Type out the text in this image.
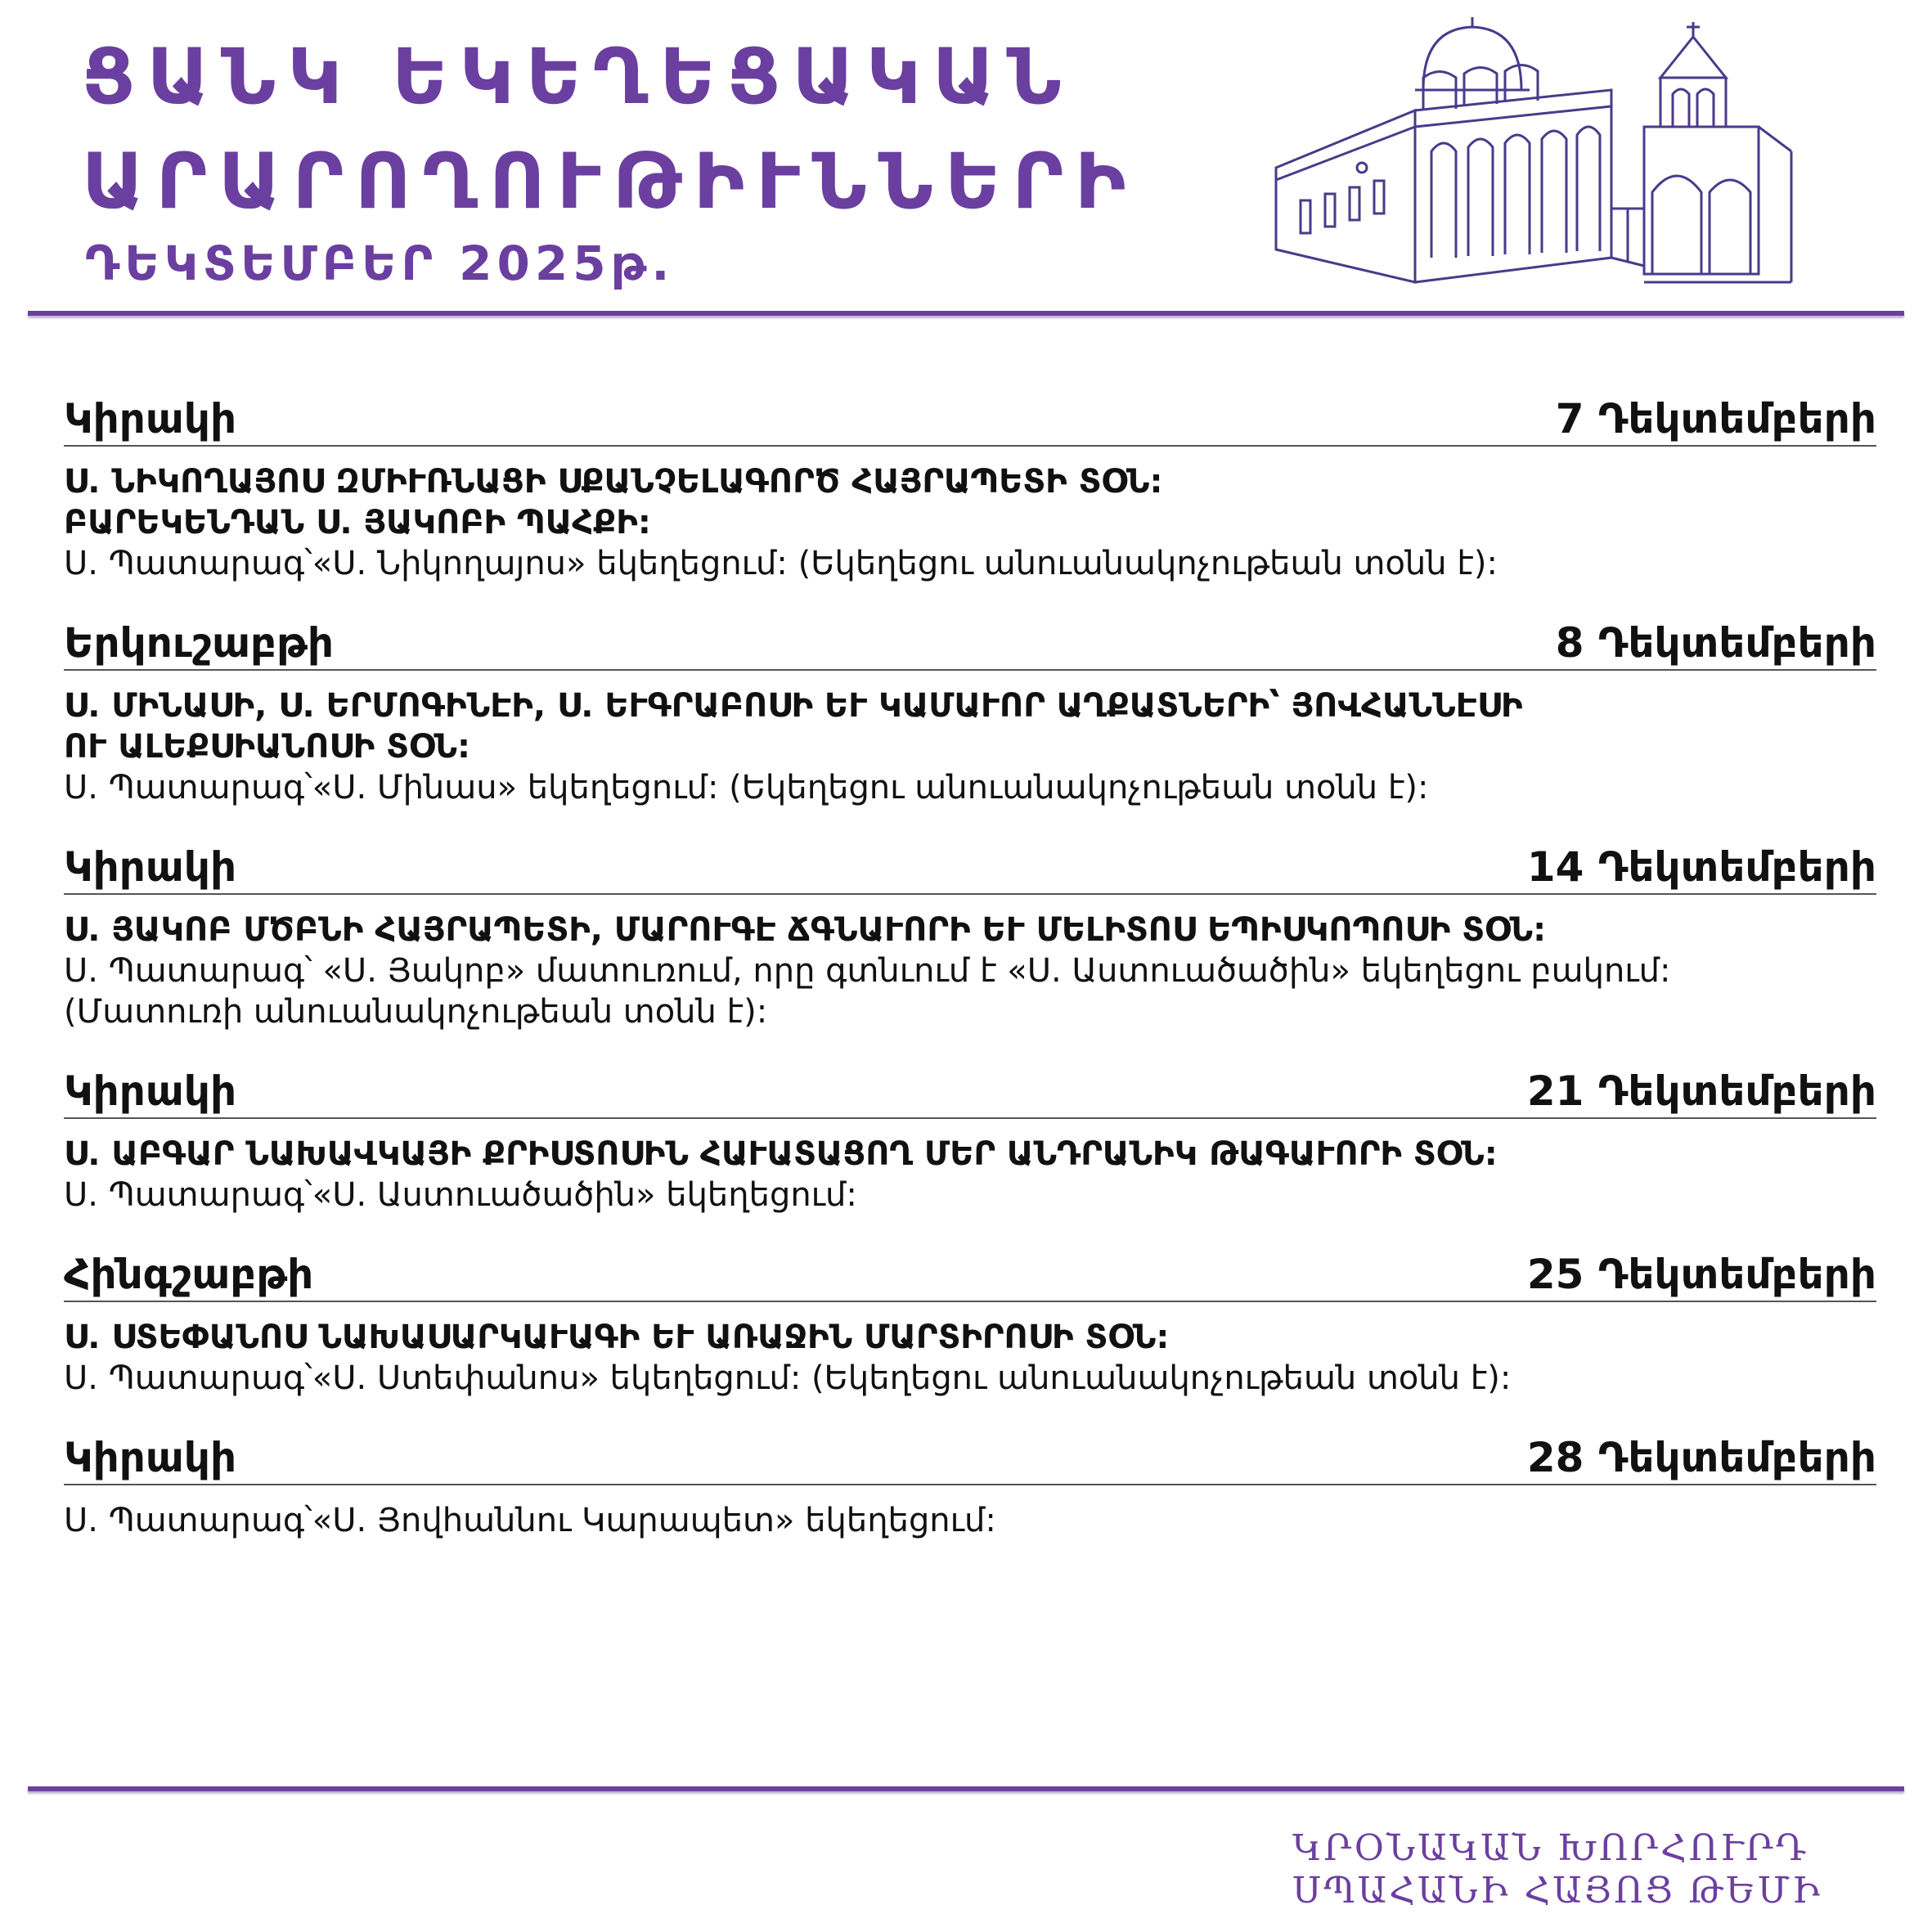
ՑԱՆԿ ԵԿԵՂԵՑԱԿԱՆ
ԱՐԱՐՈՂՈՒԹԻՒՆՆԵՐԻ
ԴԵԿՏԵՄԲԵՐ 2025թ.
Կիրակի	7 Դեկտեմբերի
Ս. ՆԻԿՈՂԱՅՈՍ ԶՄԻՒՌՆԱՑԻ ՍՔԱՆՉԵԼԱԳՈՐԾ ՀԱՅՐԱՊԵՏԻ ՏՕՆ:
ԲԱՐԵԿԵՆԴԱՆ Ս. ՅԱԿՈԲԻ ՊԱՀՔԻ:
Ս. Պատարագ՝«Ս. Նիկողայոս» եկեղեցում: (Եկեղեցու անուանակոչութեան տօնն է):
Երկուշաբթի	8 Դեկտեմբերի
Ս. ՄԻՆԱՍԻ, Ս. ԵՐՄՈԳԻՆԷԻ, Ս. ԵՒԳՐԱԲՈՍԻ ԵՒ ԿԱՄԱՒՈՐ ԱՂՔԱՏՆԵՐԻ՝ ՅՈՎՀԱՆՆԷՍԻ
ՈՒ ԱԼԵՔՍԻԱՆՈՍԻ ՏՕՆ:
Ս. Պատարագ՝«Ս. Մինաս» եկեղեցում: (Եկեղեցու անուանակոչութեան տօնն է):
Կիրակի	14 Դեկտեմբերի
Ս. ՅԱԿՈԲ ՄԾԲՆԻ ՀԱՅՐԱՊԵՏԻ, ՄԱՐՈՒԳԷ ՃԳՆԱՒՈՐԻ ԵՒ ՄԵԼԻՏՈՍ ԵՊԻՍԿՈՊՈՍԻ ՏՕՆ:
Ս. Պատարագ՝ «Ս. Յակոբ» մատուռում, որը գտնւում է «Ս. Աստուածածին» եկեղեցու բակում:
(Մատուռի անուանակոչութեան տօնն է):
Կիրակի	21 Դեկտեմբերի
Ս. ԱԲԳԱՐ ՆԱԽԱՎԿԱՅԻ ՔՐԻՍՏՈՍԻՆ ՀԱՒԱՏԱՑՈՂ ՄԵՐ ԱՆԴՐԱՆԻԿ ԹԱԳԱՒՈՐԻ ՏՕՆ:
Ս. Պատարագ՝«Ս. Աստուածածին» եկեղեցում:
Հինգշաբթի	25 Դեկտեմբերի
Ս. ՍՏԵՓԱՆՈՍ ՆԱԽԱՍԱՐԿԱՒԱԳԻ ԵՒ ԱՌԱՋԻՆ ՄԱՐՏԻՐՈՍԻ ՏՕՆ:
Ս. Պատարագ՝«Ս. Ստեփանոս» եկեղեցում: (Եկեղեցու անուանակոչութեան տօնն է):
Կիրակի	28 Դեկտեմբերի
Ս. Պատարագ՝«Ս. Յովհաննու Կարապետ» եկեղեցում:
ԿՐՕՆԱԿԱՆ ԽՈՐՀՈՒՐԴ
ՍՊԱՀԱՆԻ ՀԱՅՈՑ ԹԵՄԻ
